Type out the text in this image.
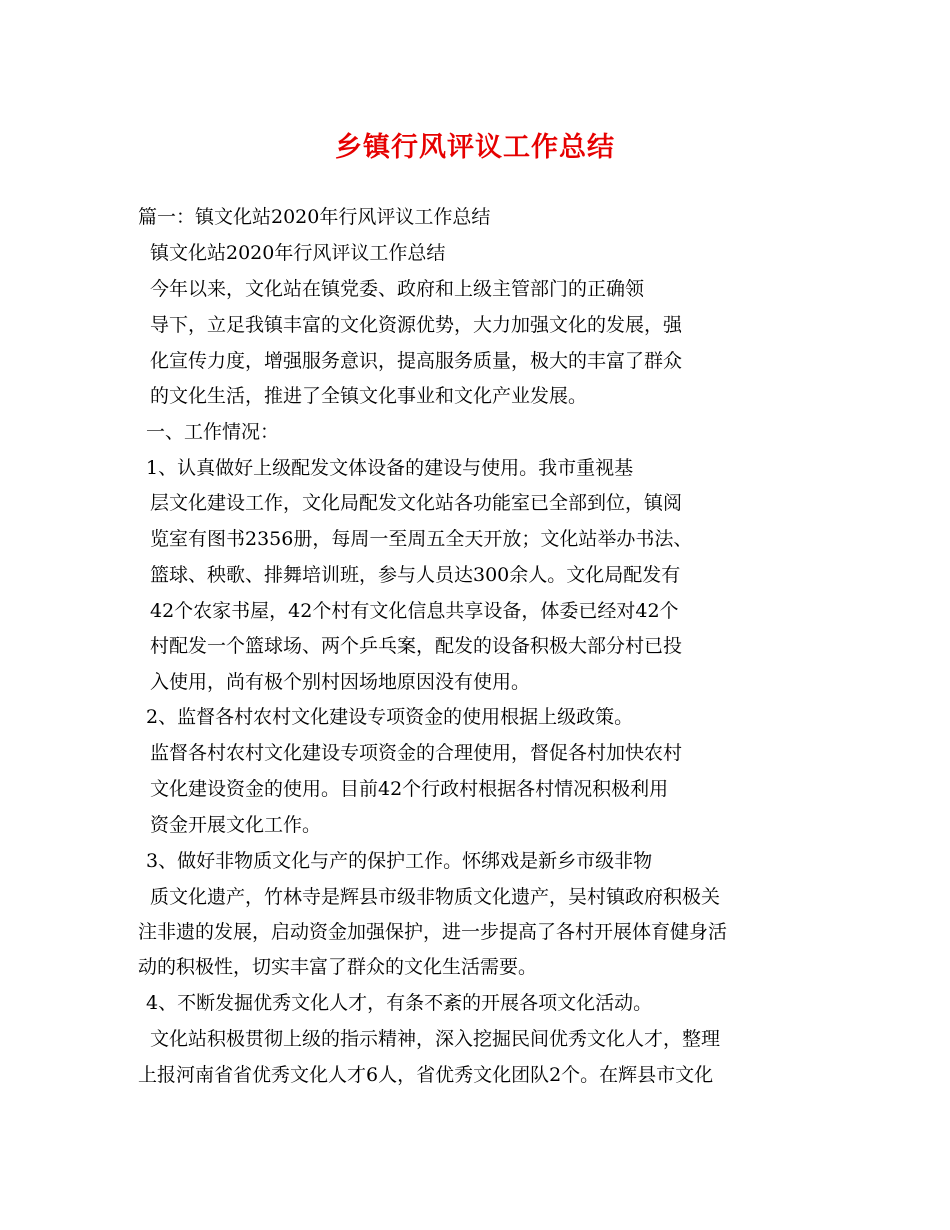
乡镇行风评议工作总结
篇一：镇文化站2020年行风评议工作总结
镇文化站2020年行风评议工作总结
今年以来，文化站在镇党委、政府和上级主管部门的正确领
导下，立足我镇丰富的文化资源优势，大力加强文化的发展，强
化宣传力度，增强服务意识，提高服务质量，极大的丰富了群众
的文化生活，推进了全镇文化事业和文化产业发展。
一、工作情况：
1、认真做好上级配发文体设备的建设与使用。我市重视基
层文化建设工作，文化局配发文化站各功能室已全部到位，镇阅
览室有图书2356册，每周一至周五全天开放；文化站举办书法、
篮球、秧歌、排舞培训班，参与人员达300余人。文化局配发有
42个农家书屋，42个村有文化信息共享设备，体委已经对42个
村配发一个篮球场、两个乒乓案，配发的设备积极大部分村已投
入使用，尚有极个别村因场地原因没有使用。
2、监督各村农村文化建设专项资金的使用根据上级政策。
监督各村农村文化建设专项资金的合理使用，督促各村加快农村
文化建设资金的使用。目前42个行政村根据各村情况积极利用
资金开展文化工作。
3、做好非物质文化与产的保护工作。怀绑戏是新乡市级非物
质文化遗产，竹林寺是辉县市级非物质文化遗产，吴村镇政府积极关
注非遗的发展，启动资金加强保护，进一步提高了各村开展体育健身活
动的积极性，切实丰富了群众的文化生活需要。
4、不断发掘优秀文化人才，有条不紊的开展各项文化活动。
文化站积极贯彻上级的指示精神，深入挖掘民间优秀文化人才，整理
上报河南省省优秀文化人才6人，省优秀文化团队2个。在辉县市文化
